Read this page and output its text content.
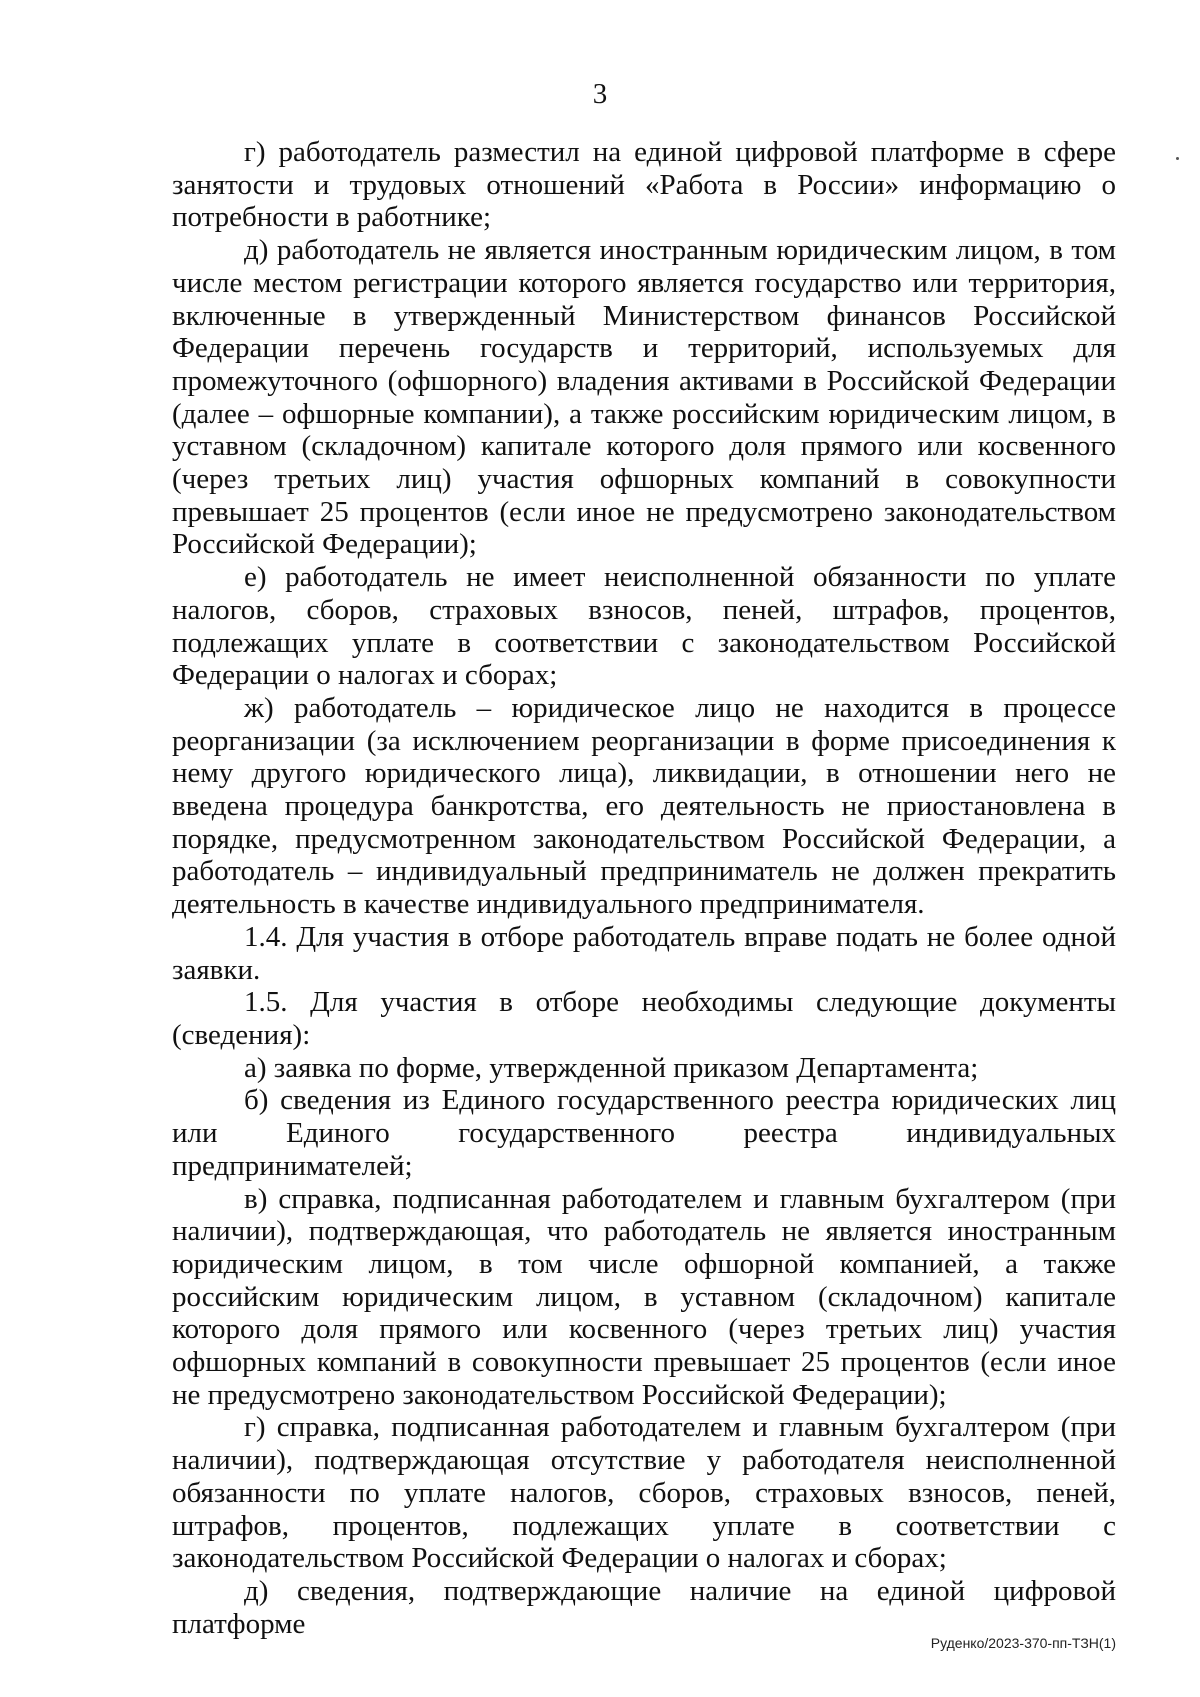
3

г) работодатель разместил на единой цифровой платформе в сфере занятости и трудовых отношений «Работа в России» информацию о потребности в работнике;

д) работодатель не является иностранным юридическим лицом, в том числе местом регистрации которого является государство или территория, включенные в утвержденный Министерством финансов Российской Федерации перечень государств и территорий, используемых для промежуточного (офшорного) владения активами в Российской Федерации (далее – офшорные компании), а также российским юридическим лицом, в уставном (складочном) капитале которого доля прямого или косвенного (через третьих лиц) участия офшорных компаний в совокупности превышает 25 процентов (если иное не предусмотрено законодательством Российской Федерации);

е) работодатель не имеет неисполненной обязанности по уплате налогов, сборов, страховых взносов, пеней, штрафов, процентов, подлежащих уплате в соответствии с законодательством Российской Федерации о налогах и сборах;

ж) работодатель – юридическое лицо не находится в процессе реорганизации (за исключением реорганизации в форме присоединения к нему другого юридического лица), ликвидации, в отношении него не введена процедура банкротства, его деятельность не приостановлена в порядке, предусмотренном законодательством Российской Федерации, а работодатель – индивидуальный предприниматель не должен прекратить деятельность в качестве индивидуального предпринимателя.

1.4. Для участия в отборе работодатель вправе подать не более одной заявки.

1.5. Для участия в отборе необходимы следующие документы (сведения):

а) заявка по форме, утвержденной приказом Департамента;

б) сведения из Единого государственного реестра юридических лиц или Единого государственного реестра индивидуальных предпринимателей;

в) справка, подписанная работодателем и главным бухгалтером (при наличии), подтверждающая, что работодатель не является иностранным юридическим лицом, в том числе офшорной компанией, а также российским юридическим лицом, в уставном (складочном) капитале которого доля прямого или косвенного (через третьих лиц) участия офшорных компаний в совокупности превышает 25 процентов (если иное не предусмотрено законодательством Российской Федерации);

г) справка, подписанная работодателем и главным бухгалтером (при наличии), подтверждающая отсутствие у работодателя неисполненной обязанности по уплате налогов, сборов, страховых взносов, пеней, штрафов, процентов, подлежащих уплате в соответствии с законодательством Российской Федерации о налогах и сборах;

д) сведения, подтверждающие наличие на единой цифровой платформе

Руденко/2023-370-пп-ТЗН(1)
